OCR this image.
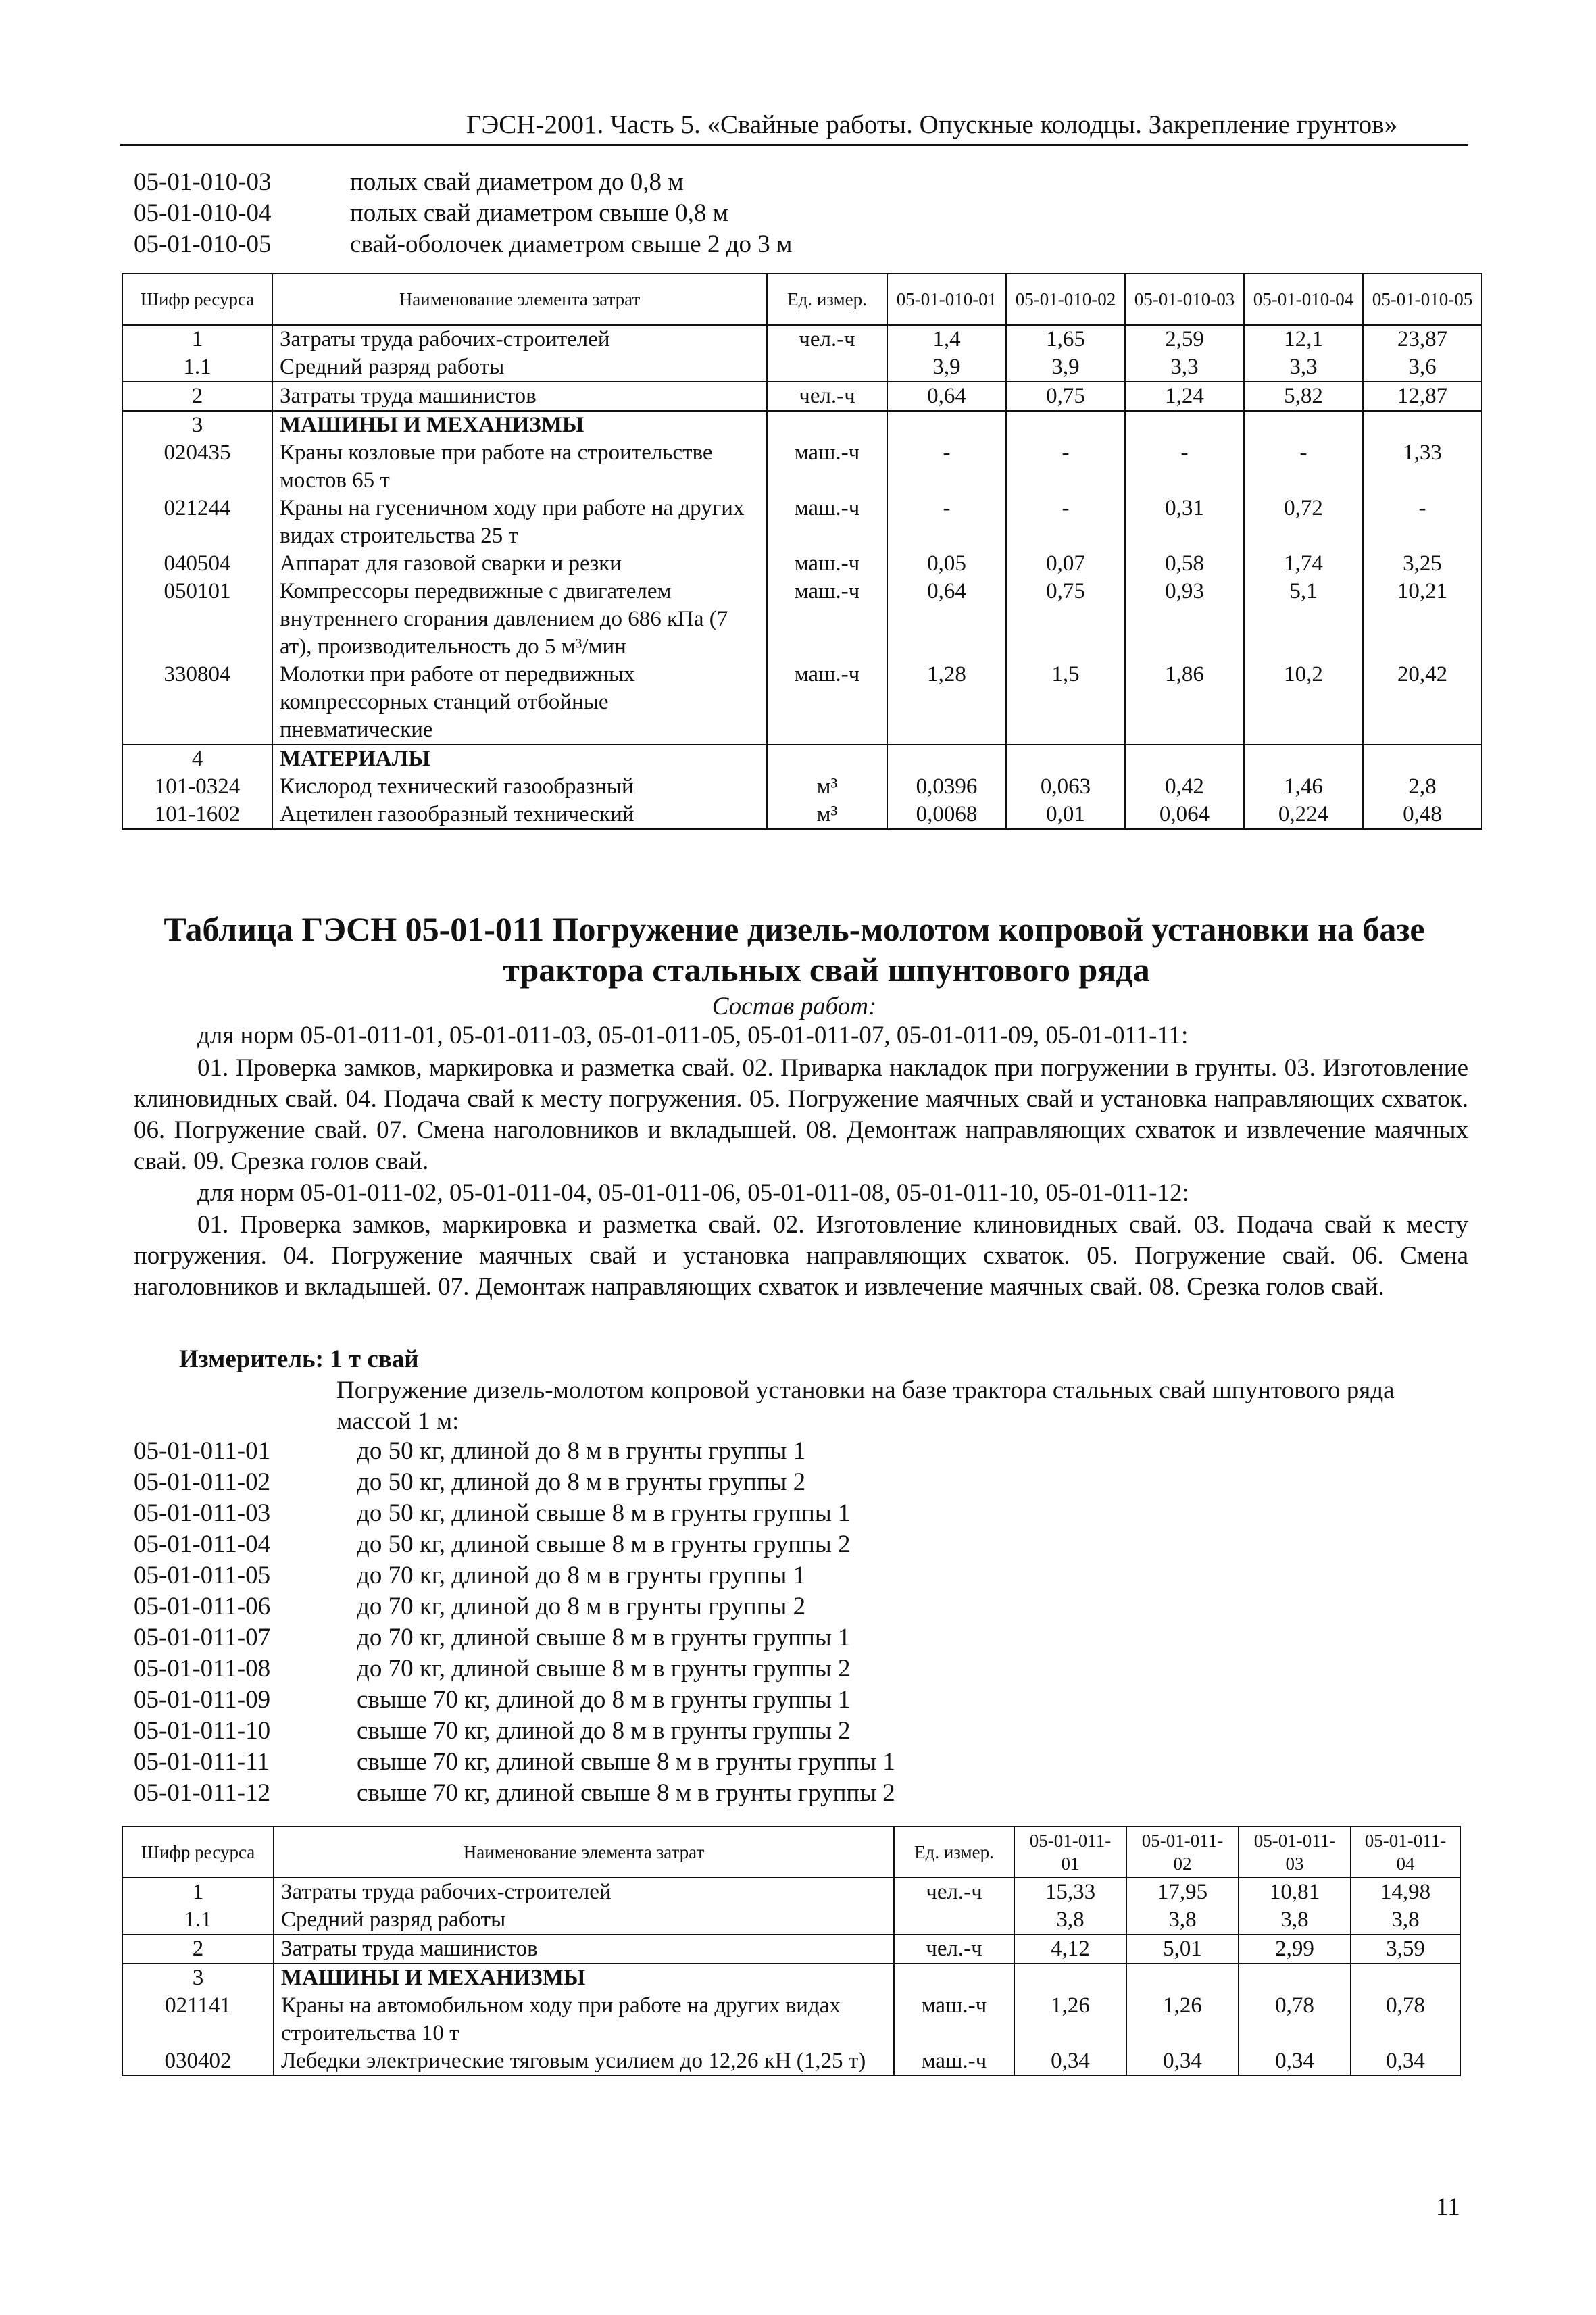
ГЭСН-2001. Часть 5. «Свайные работы. Опускные колодцы. Закрепление грунтов»
05-01-010-03	полых свай диаметром до 0,8 м
05-01-010-04	полых свай диаметром свыше 0,8 м
05-01-010-05	свай-оболочек диаметром свыше 2 до 3 м
Шифр ресурса	Наименование элемента затрат	Ед. измер.	05-01-010-01	05-01-010-02	05-01-010-03	05-01-010-04	05-01-010-05
1	Затраты труда рабочих-строителей	чел.-ч	1,4	1,65	2,59	12,1	23,87
1.1	Средний разряд работы		3,9	3,9	3,3	3,3	3,6
2	Затраты труда машинистов	чел.-ч	0,64	0,75	1,24	5,82	12,87
3	МАШИНЫ И МЕХАНИЗМЫ						
020435	Краны козловые при работе на строительстве мостов 65 т	маш.-ч	-	-	-	-	1,33
021244	Краны на гусеничном ходу при работе на других видах строительства 25 т	маш.-ч	-	-	0,31	0,72	-
040504	Аппарат для газовой сварки и резки	маш.-ч	0,05	0,07	0,58	1,74	3,25
050101	Компрессоры передвижные с двигателем внутреннего сгорания давлением до 686 кПа (7 ат), производительность до 5 м³/мин	маш.-ч	0,64	0,75	0,93	5,1	10,21
330804	Молотки при работе от передвижных компрессорных станций отбойные пневматические	маш.-ч	1,28	1,5	1,86	10,2	20,42
4	МАТЕРИАЛЫ						
101-0324	Кислород технический газообразный	м³	0,0396	0,063	0,42	1,46	2,8
101-1602	Ацетилен газообразный технический	м³	0,0068	0,01	0,064	0,224	0,48
Таблица ГЭСН 05-01-011 Погружение дизель-молотом копровой установки на базе
трактора стальных свай шпунтового ряда
Состав работ:
для норм 05-01-011-01, 05-01-011-03, 05-01-011-05, 05-01-011-07, 05-01-011-09, 05-01-011-11:
01. Проверка замков, маркировка и разметка свай. 02. Приварка накладок при погружении в грунты. 03. Изготовление клиновидных свай. 04. Подача свай к месту погружения. 05. Погружение маячных свай и установка направляющих схваток. 06. Погружение свай. 07. Смена наголовников и вкладышей. 08. Демонтаж направляющих схваток и извлечение маячных свай. 09. Срезка голов свай.
для норм 05-01-011-02, 05-01-011-04, 05-01-011-06, 05-01-011-08, 05-01-011-10, 05-01-011-12:
01. Проверка замков, маркировка и разметка свай. 02. Изготовление клиновидных свай. 03. Подача свай к месту погружения. 04. Погружение маячных свай и установка направляющих схваток. 05. Погружение свай. 06. Смена наголовников и вкладышей. 07. Демонтаж направляющих схваток и извлечение маячных свай. 08. Срезка голов свай.
Измеритель: 1 т свай
Погружение дизель-молотом копровой установки на базе трактора стальных свай шпунтового ряда массой 1 м:
05-01-011-01	до 50 кг, длиной до 8 м в грунты группы 1
05-01-011-02	до 50 кг, длиной до 8 м в грунты группы 2
05-01-011-03	до 50 кг, длиной свыше 8 м в грунты группы 1
05-01-011-04	до 50 кг, длиной свыше 8 м в грунты группы 2
05-01-011-05	до 70 кг, длиной до 8 м в грунты группы 1
05-01-011-06	до 70 кг, длиной до 8 м в грунты группы 2
05-01-011-07	до 70 кг, длиной свыше 8 м в грунты группы 1
05-01-011-08	до 70 кг, длиной свыше 8 м в грунты группы 2
05-01-011-09	свыше 70 кг, длиной до 8 м в грунты группы 1
05-01-011-10	свыше 70 кг, длиной до 8 м в грунты группы 2
05-01-011-11	свыше 70 кг, длиной свыше 8 м в грунты группы 1
05-01-011-12	свыше 70 кг, длиной свыше 8 м в грунты группы 2
Шифр ресурса	Наименование элемента затрат	Ед. измер.	05-01-011-01	05-01-011-02	05-01-011-03	05-01-011-04
1	Затраты труда рабочих-строителей	чел.-ч	15,33	17,95	10,81	14,98
1.1	Средний разряд работы		3,8	3,8	3,8	3,8
2	Затраты труда машинистов	чел.-ч	4,12	5,01	2,99	3,59
3	МАШИНЫ И МЕХАНИЗМЫ					
021141	Краны на автомобильном ходу при работе на других видах строительства 10 т	маш.-ч	1,26	1,26	0,78	0,78
030402	Лебедки электрические тяговым усилием до 12,26 кН (1,25 т)	маш.-ч	0,34	0,34	0,34	0,34
11
